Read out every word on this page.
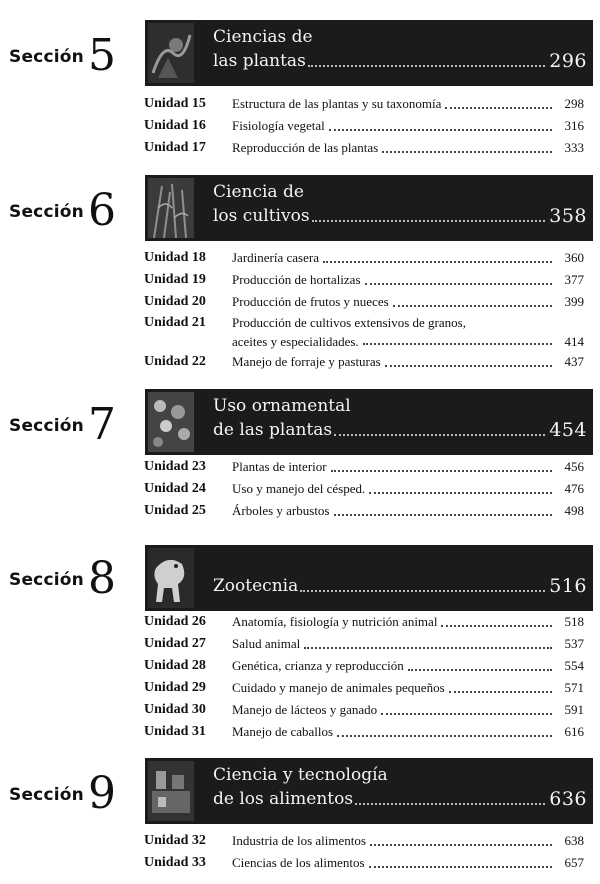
Sección 5	Ciencias de
las plantas	296
Unidad 15	Estructura de las plantas y su taxonomía	298
Unidad 16	Fisiología vegetal	316
Unidad 17	Reproducción de las plantas	333
Sección 6	Ciencia de
los cultivos	358
Unidad 18	Jardinería casera	360
Unidad 19	Producción de hortalizas	377
Unidad 20	Producción de frutos y nueces	399
Unidad 21	Producción de cultivos extensivos de granos,
aceites y especialidades.	414
Unidad 22	Manejo de forraje y pasturas	437
Sección 7	Uso ornamental
de las plantas	454
Unidad 23	Plantas de interior	456
Unidad 24	Uso y manejo del césped.	476
Unidad 25	Árboles y arbustos	498
Sección 8	Zootecnia	516
Unidad 26	Anatomía, fisiología y nutrición animal	518
Unidad 27	Salud animal	537
Unidad 28	Genética, crianza y reproducción	554
Unidad 29	Cuidado y manejo de animales pequeños	571
Unidad 30	Manejo de lácteos y ganado	591
Unidad 31	Manejo de caballos	616
Sección 9	Ciencia y tecnología
de los alimentos	636
Unidad 32	Industria de los alimentos	638
Unidad 33	Ciencias de los alimentos	657
